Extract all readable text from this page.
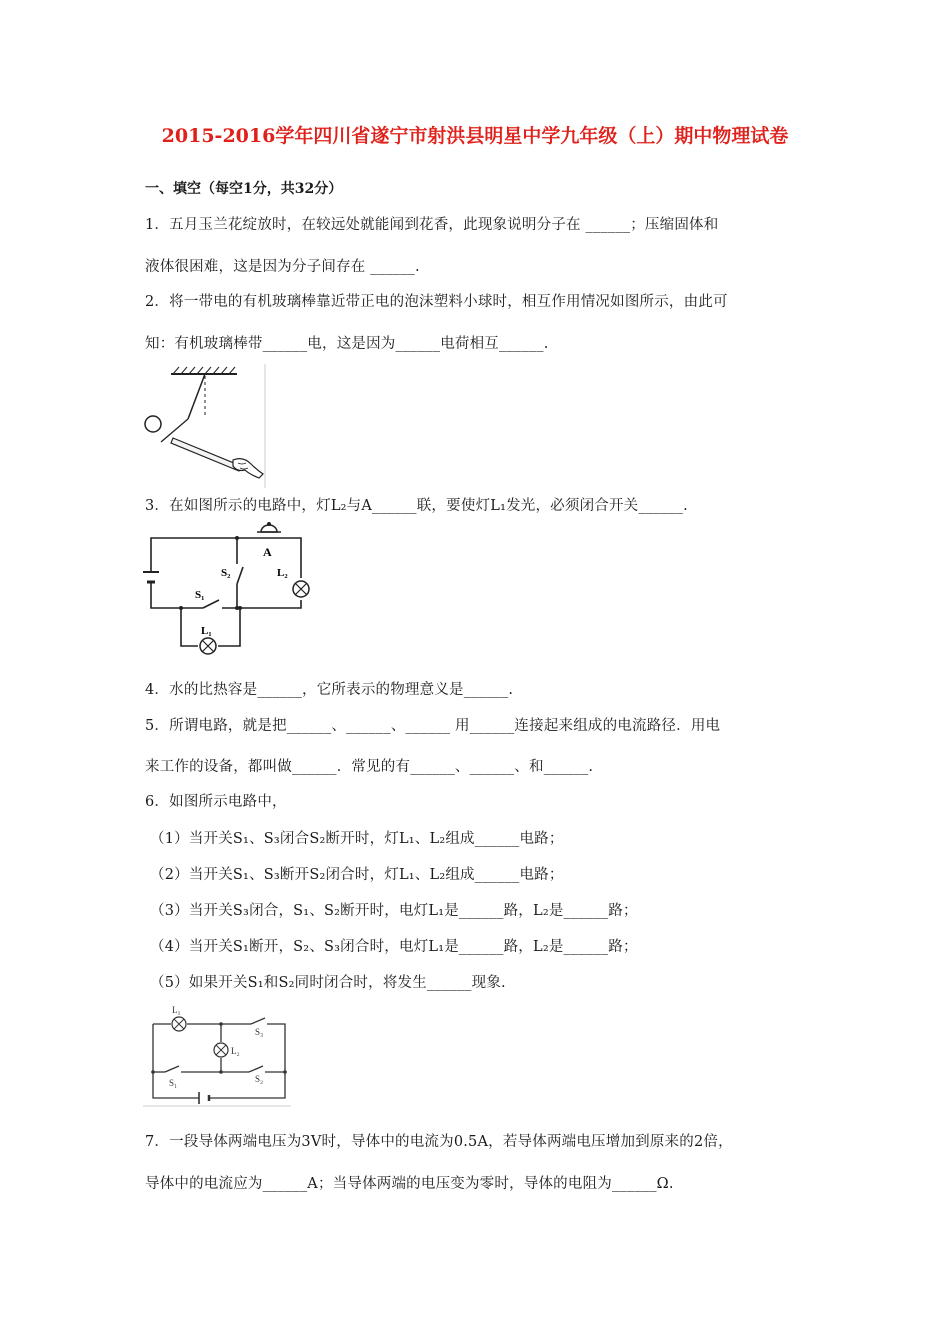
2015-2016学年四川省遂宁市射洪县明星中学九年级（上）期中物理试卷
一、填空（每空1分，共32分）
1．五月玉兰花绽放时，在较远处就能闻到花香，此现象说明分子在 ______；压缩固体和
液体很困难，这是因为分子间存在 ______.
2．将一带电的有机玻璃棒靠近带正电的泡沫塑料小球时，相互作用情况如图所示，由此可
知：有机玻璃棒带______电，这是因为______电荷相互______.
3．在如图所示的电路中，灯L₂与A______联，要使灯L₁发光，必须闭合开关______.
A
S₂	L₂
S₁
L₁
4．水的比热容是______，它所表示的物理意义是______.
5．所谓电路，就是把______、______、______ 用______连接起来组成的电流路径．用电
来工作的设备，都叫做______．常见的有______、______、和______.
6．如图所示电路中，
（1）当开关S₁、S₃闭合S₂断开时，灯L₁、L₂组成______电路；
（2）当开关S₁、S₃断开S₂闭合时，灯L₁、L₂组成______电路；
（3）当开关S₃闭合，S₁、S₂断开时，电灯L₁是______路，L₂是______路；
（4）当开关S₁断开，S₂、S₃闭合时，电灯L₁是______路，L₂是______路；
（5）如果开关S₁和S₂同时闭合时，将发生______现象.
L₁
L₂
S₃
S₁	S₂
7．一段导体两端电压为3V时，导体中的电流为0.5A，若导体两端电压增加到原来的2倍，
导体中的电流应为______A；当导体两端的电压变为零时，导体的电阻为______Ω.
